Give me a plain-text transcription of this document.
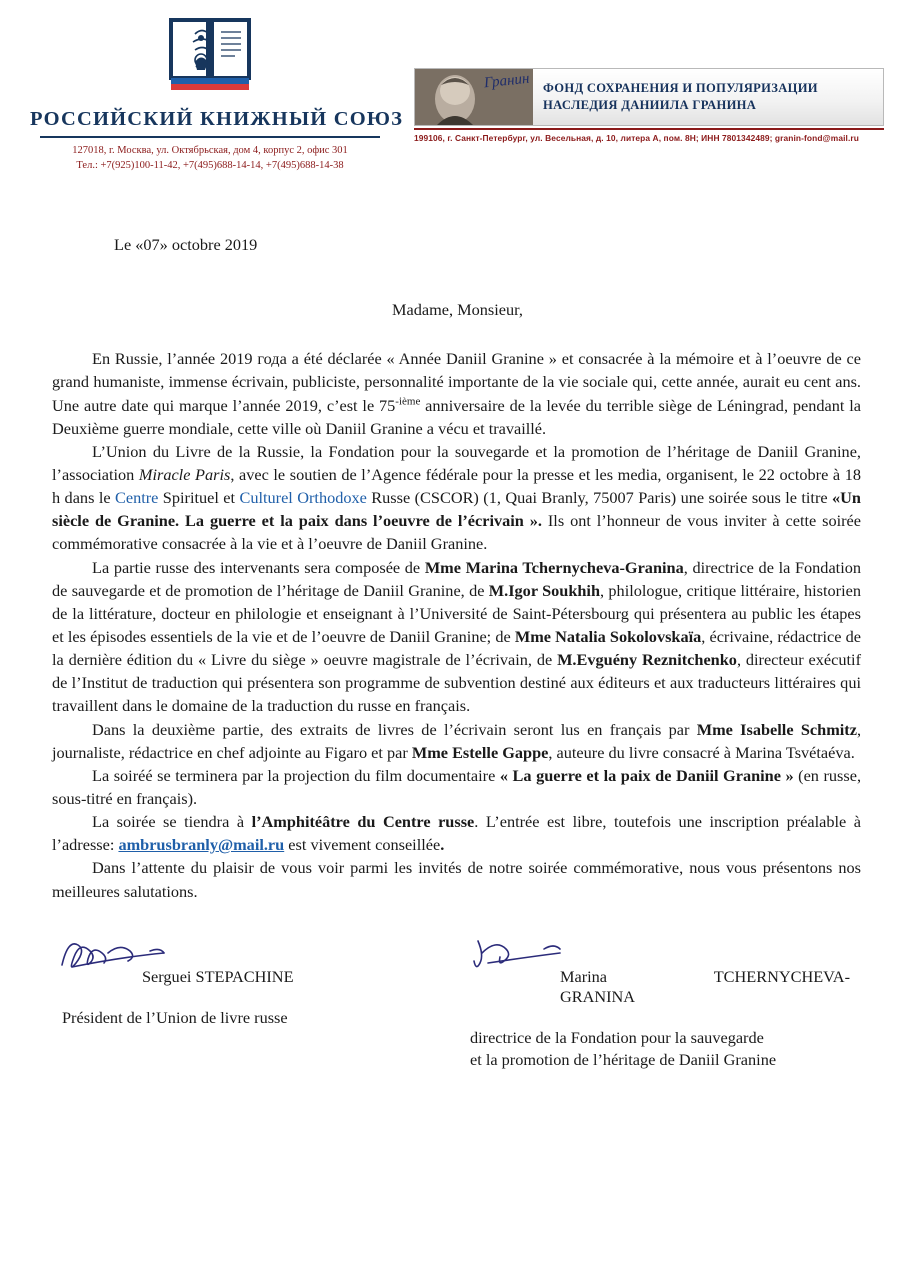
РОССИЙСКИЙ КНИЖНЫЙ СОЮЗ
127018, г. Москва, ул. Октябрьская, дом 4, корпус 2, офис 301
Тел.: +7(925)100-11-42, +7(495)688-14-14, +7(495)688-14-38
Гранин ФОНД СОХРАНЕНИЯ И ПОПУЛЯРИЗАЦИИ
НАСЛЕДИЯ ДАНИИЛА ГРАНИНА
199106, г. Санкт-Петербург, ул. Весельная, д. 10, литера А, пом. 8Н; ИНН 7801342489; granin-fond@mail.ru
Le «07» octobre 2019
Madame, Monsieur,

En Russie, l’année 2019 года a été déclarée « Année Daniil Granine » et consacrée à la mémoire et à l’oeuvre de ce grand humaniste, immense écrivain, publiciste, personnalité importante de la vie sociale qui, cette année, aurait eu cent ans. Une autre date qui marque l’année 2019, c’est le $75^{-ième}$ anniversaire de la levée du terrible siège de Léningrad, pendant la Deuxième guerre mondiale, cette ville où Daniil Granine a vécu et travaillé.

L’Union du Livre de la Russie, la Fondation pour la souvegarde et la promotion de l’héritage de Daniil Granine, l’association Miracle Paris, avec le soutien de l’Agence fédérale pour la presse et les media, organisent, le 22 octobre à 18 h dans le Centre Spirituel et Culturel Orthodoxe Russe (CSCOR) (1, Quai Branly, 75007 Paris) une soirée sous le titre «Un siècle de Granine. La guerre et la paix dans l’oeuvre de l’écrivain ». Ils ont l’honneur de vous inviter à cette soirée commémorative consacrée à la vie et à l’oeuvre de Daniil Granine.

La partie russe des intervenants sera composée de Mme Marina Tchernycheva-Granina, directrice de la Fondation de sauvegarde et de promotion de l’héritage de Daniil Granine, de M.Igor Soukhih, philologue, critique littéraire, historien de la littérature, docteur en philologie et enseignant à l’Université de Saint-Pétersbourg qui présentera au public les étapes et les épisodes essentiels de la vie et de l’oeuvre de Daniil Granine; de Mme Natalia Sokolovskaïa, écrivaine, rédactrice de la dernière édition du « Livre du siège » oeuvre magistrale de l’écrivain, de M.Evguény Reznitchenko, directeur exécutif de l’Institut de traduction qui présentera son programme de subvention destiné aux éditeurs et aux traducteurs littéraires qui travaillent dans le domaine de la traduction du russe en français.

Dans la deuxième partie, des extraits de livres de l’écrivain seront lus en français par Mme Isabelle Schmitz, journaliste, rédactrice en chef adjointe au Figaro et par Mme Estelle Gappe, auteure du livre consacré à Marina Tsvétaéva.

La soiréé se terminera par la projection du film documentaire « La guerre et la paix de Daniil Granine » (en russe, sous-titré en français).

La soirée se tiendra à l’Amphitéâtre du Centre russe. L’entrée est libre, toutefois une inscription préalable à l’adresse: ambrusbranly@mail.ru est vivement conseillée.

Dans l’attente du plaisir de vous voir parmi les invités de notre soirée commémorative, nous vous présentons nos meilleures salutations.

Serguei STEPACHINE
Président de l’Union de livre russe
Marina	TCHERNYCHEVA-
GRANINA
directrice de la Fondation pour la sauvegarde
et la promotion de l’héritage de Daniil Granine
